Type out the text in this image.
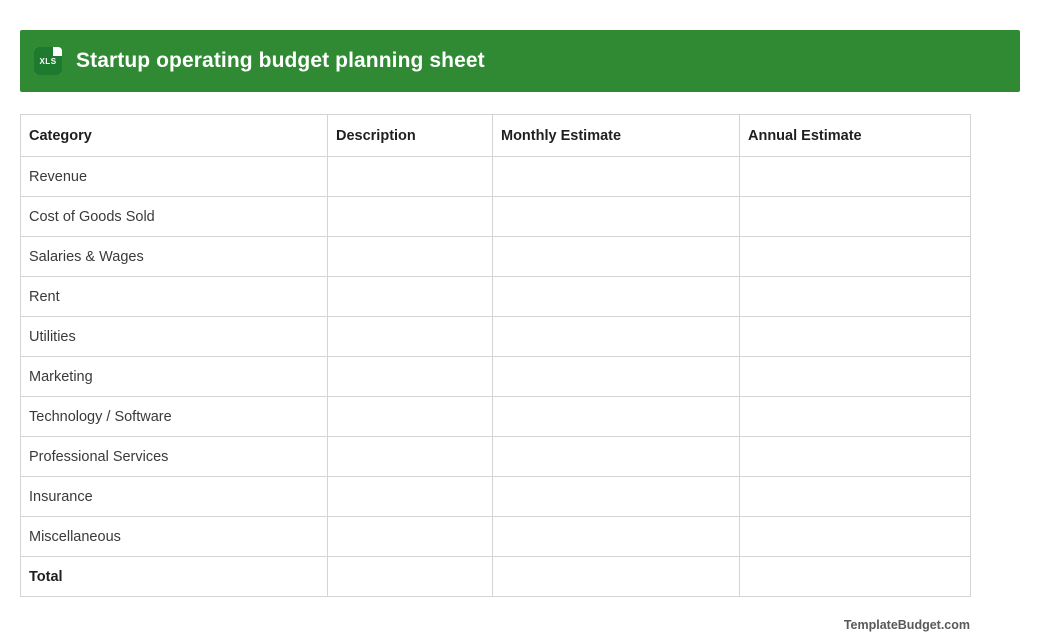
XLS Startup operating budget planning sheet
Category	Description	Monthly Estimate	Annual Estimate
Revenue			
Cost of Goods Sold			
Salaries & Wages			
Rent			
Utilities			
Marketing			
Technology / Software			
Professional Services			
Insurance			
Miscellaneous			
Total			
TemplateBudget.com
